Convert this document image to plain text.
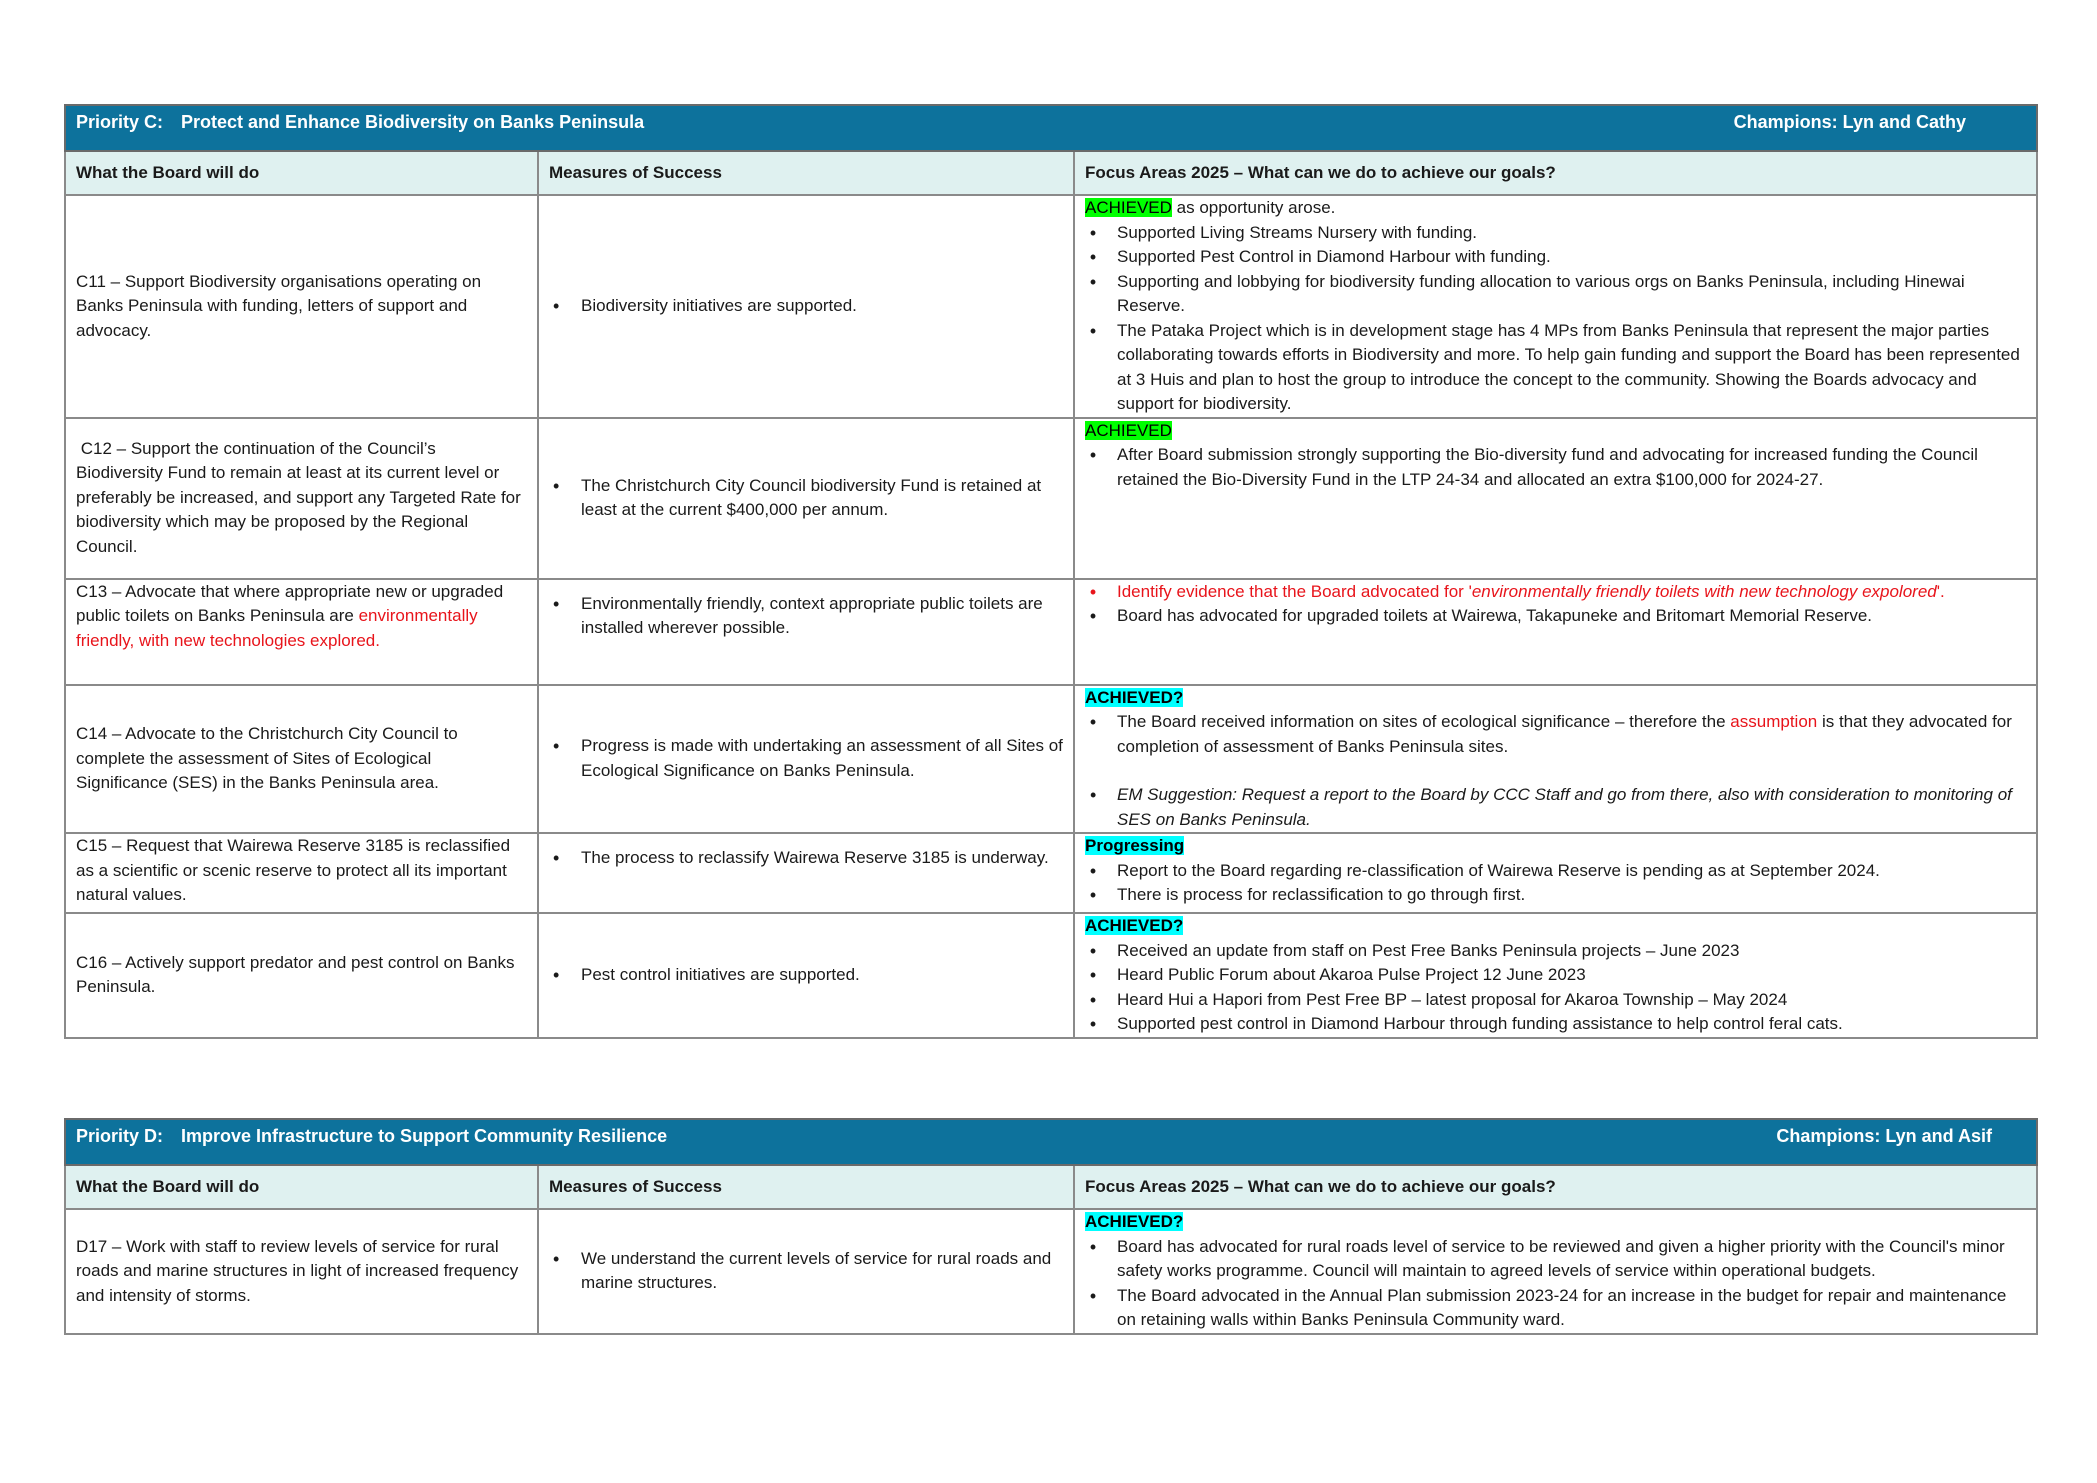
Priority C: Protect and Enhance Biodiversity on Banks Peninsula Champions: Lyn and Cathy		

What the Board will do	Measures of Success	Focus Areas 2025 – What can we do to achieve our goals?
C11 – Support Biodiversity organisations operating on Banks Peninsula with funding, letters of support and advocacy.	
• Biodiversity initiatives are supported.

ACHIEVED as opportunity arose.
• Supported Living Streams Nursery with funding.
• Supported Pest Control in Diamond Harbour with funding.
• Supporting and lobbying for biodiversity funding allocation to various orgs on Banks Peninsula, including Hinewai Reserve.
• The Pataka Project which is in development stage has 4 MPs from Banks Peninsula that represent the major parties collaborating towards efforts in Biodiversity and more. To help gain funding and support the Board has been represented at 3 Huis and plan to host the group to introduce the concept to the community. Showing the Boards advocacy and support for biodiversity.

C12 – Support the continuation of the Council’s Biodiversity Fund to remain at least at its current level or preferably be increased, and support any Targeted Rate for biodiversity which may be proposed by the Regional Council.	
• The Christchurch City Council biodiversity Fund is retained at least at the current $400,000 per annum.

ACHIEVED
• After Board submission strongly supporting the Bio-diversity fund and advocating for increased funding the Council retained the Bio-Diversity Fund in the LTP 24-34 and allocated an extra $100,000 for 2024-27.

C13 – Advocate that where appropriate new or upgraded public toilets on Banks Peninsula are environmentally friendly, with new technologies explored.	
• Environmentally friendly, context appropriate public toilets are installed wherever possible.

• Identify evidence that the Board advocated for 'environmentally friendly toilets with new technology expolored'.
• Board has advocated for upgraded toilets at Wairewa, Takapuneke and Britomart Memorial Reserve.

C14 – Advocate to the Christchurch City Council to complete the assessment of Sites of Ecological Significance (SES) in the Banks Peninsula area.	
• Progress is made with undertaking an assessment of all Sites of Ecological Significance on Banks Peninsula.

ACHIEVED?
• The Board received information on sites of ecological significance – therefore the assumption is that they advocated for completion of assessment of Banks Peninsula sites.
• EM Suggestion: Request a report to the Board by CCC Staff and go from there, also with consideration to monitoring of SES on Banks Peninsula.

C15 – Request that Wairewa Reserve 3185 is reclassified as a scientific or scenic reserve to protect all its important natural values.	
• The process to reclassify Wairewa Reserve 3185 is underway.

Progressing
• Report to the Board regarding re-classification of Wairewa Reserve is pending as at September 2024.
• There is process for reclassification to go through first.

C16 – Actively support predator and pest control on Banks Peninsula.	
• Pest control initiatives are supported.

ACHIEVED?
• Received an update from staff on Pest Free Banks Peninsula projects – June 2023
• Heard Public Forum about Akaroa Pulse Project 12 June 2023
• Heard Hui a Hapori from Pest Free BP – latest proposal for Akaroa Township – May 2024
• Supported pest control in Diamond Harbour through funding assistance to help control feral cats.
Priority D: Improve Infrastructure to Support Community Resilience Champions: Lyn and Asif		

What the Board will do	Measures of Success	Focus Areas 2025 – What can we do to achieve our goals?
D17 – Work with staff to review levels of service for rural roads and marine structures in light of increased frequency and intensity of storms.	
• We understand the current levels of service for rural roads and marine structures.

ACHIEVED?
• Board has advocated for rural roads level of service to be reviewed and given a higher priority with the Council's minor safety works programme. Council will maintain to agreed levels of service within operational budgets.
• The Board advocated in the Annual Plan submission 2023-24 for an increase in the budget for repair and maintenance on retaining walls within Banks Peninsula Community ward.
